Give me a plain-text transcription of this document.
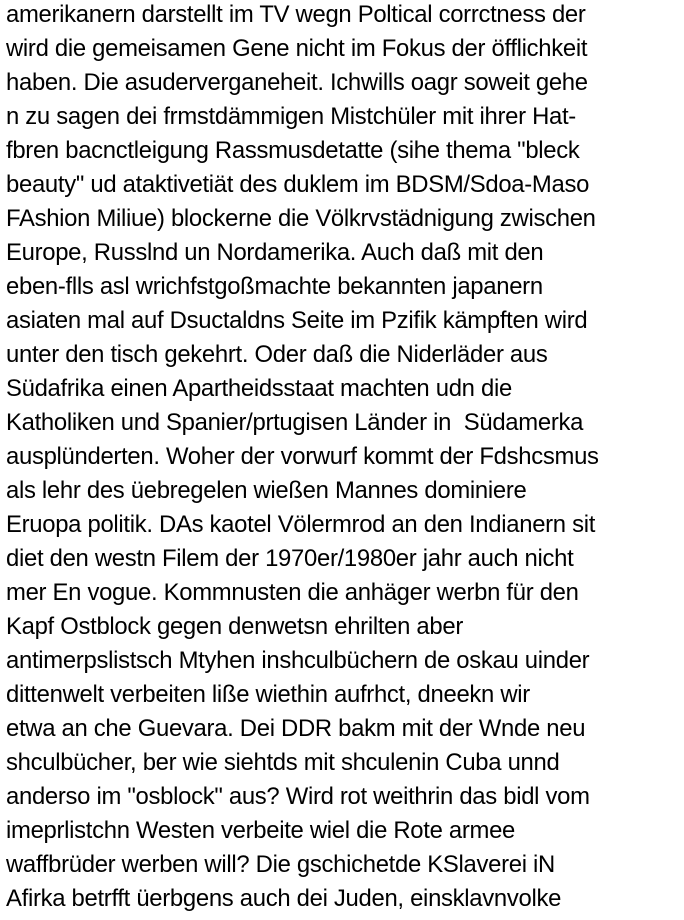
amerikanern darstellt im TV wegn Poltical corrctness der
wird die gemeisamen Gene nicht im Fokus der öfflichkeit
haben. Die asuderverganeheit. Ichwills oagr soweit gehe
n zu sagen dei frmstdämmigen Mistchüler mit ihrer Hat-
fbren bacnctleigung Rassmusdetatte (sihe thema "bleck
beauty" ud ataktivetiät des duklem im BDSM/Sdoa-Maso
FAshion Miliue) blockerne die Völkrvstädnigung zwischen
Europe, Russlnd un Nordamerika. Auch daß mit den
eben-flls asl wrichfstgoßmachte bekannten japanern
asiaten mal auf Dsuctaldns Seite im Pzifik kämpften wird
unter den tisch gekehrt. Oder daß die Niderläder aus
Südafrika einen Apartheidsstaat machten udn die
Katholiken und Spanier/prtugisen Länder in  Südamerka
ausplünderten. Woher der vorwurf kommt der Fdshcsmus
als lehr des üebregelen wießen Mannes dominiere
Eruopa politik. DAs kaotel Völermrod an den Indianern sit
diet den westn Filem der 1970er/1980er jahr auch nicht
mer En vogue. Kommnusten die anhäger werbn für den
Kapf Ostblock gegen denwetsn ehrilten aber
antimerpslistsch Mtyhen inshculbüchern de oskau uinder
dittenwelt verbeiten liße wiethin aufrhct, dneekn wir
etwa an che Guevara. Dei DDR bakm mit der Wnde neu
shculbücher, ber wie siehtds mit shculenin Cuba unnd
anderso im "osblock" aus? Wird rot weithrin das bidl vom
imeprlistchn Westen verbeite wiel die Rote armee
waffbrüder werben will? Die gschichetde KSlaverei iN
Afirka betrfft üerbgens auch dei Juden, einsklavnvolke
